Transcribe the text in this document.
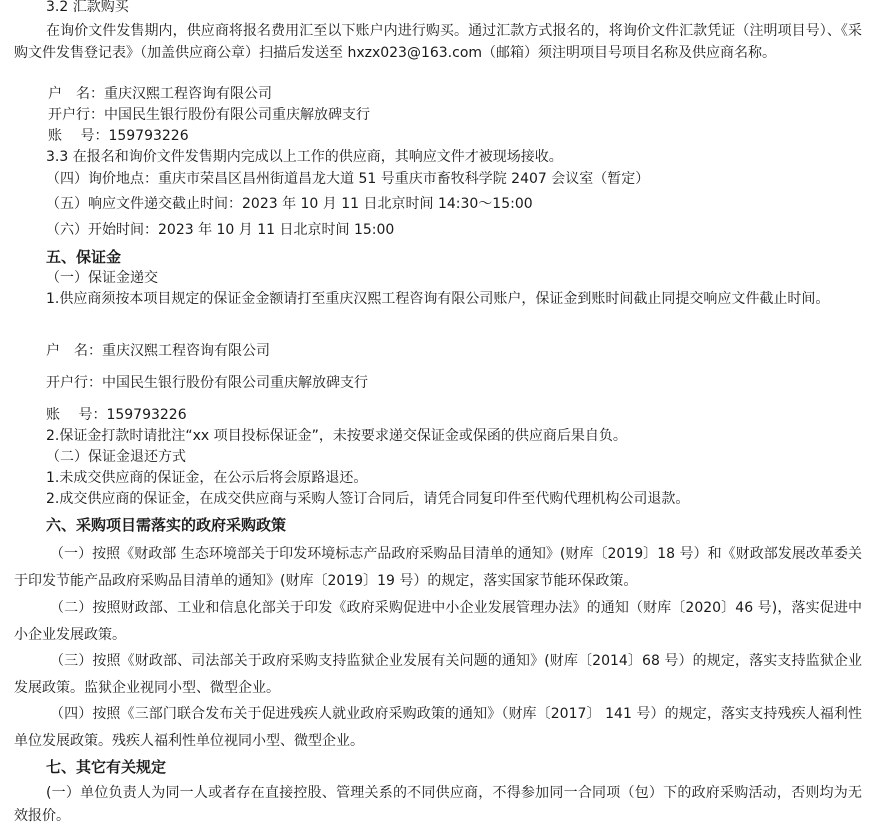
3.2 汇款购买
在询价文件发售期内，供应商将报名费用汇至以下账户内进行购买。通过汇款方式报名的，将询价文件汇款凭证（注明项目号）、《采购文件发售登记表》（加盖供应商公章）扫描后发送至 hxzx023@163.com（邮箱）须注明项目号项目名称及供应商名称。
户　名：重庆汉熙工程咨询有限公司
开户行：中国民生银行股份有限公司重庆解放碑支行
账　 号：159793226
3.3 在报名和询价文件发售期内完成以上工作的供应商，其响应文件才被现场接收。
（四）询价地点：重庆市荣昌区昌州街道昌龙大道 51 号重庆市畜牧科学院 2407 会议室（暂定）
（五）响应文件递交截止时间：2023 年 10 月 11 日北京时间 14:30～15:00
（六）开始时间：2023 年 10 月 11 日北京时间 15:00
五、保证金
（一）保证金递交
1.供应商须按本项目规定的保证金金额请打至重庆汉熙工程咨询有限公司账户，保证金到账时间截止同提交响应文件截止时间。
户　名：重庆汉熙工程咨询有限公司
开户行：中国民生银行股份有限公司重庆解放碑支行
账　 号：159793226
2.保证金打款时请批注“xx 项目投标保证金”，未按要求递交保证金或保函的供应商后果自负。
（二）保证金退还方式
1.未成交供应商的保证金，在公示后将会原路退还。
2.成交供应商的保证金，在成交供应商与采购人签订合同后，请凭合同复印件至代购代理机构公司退款。
六、采购项目需落实的政府采购政策
（一）按照《财政部 生态环境部关于印发环境标志产品政府采购品目清单的通知》(财库〔2019〕18 号）和《财政部发展改革委关于印发节能产品政府采购品目清单的通知》(财库〔2019〕19 号）的规定，落实国家节能环保政策。
（二）按照财政部、工业和信息化部关于印发《政府采购促进中小企业发展管理办法》的通知（财库〔2020〕46 号)，落实促进中小企业发展政策。
（三）按照《财政部、司法部关于政府采购支持监狱企业发展有关问题的通知》(财库〔2014〕68 号）的规定，落实支持监狱企业发展政策。监狱企业视同小型、微型企业。
（四）按照《三部门联合发布关于促进残疾人就业政府采购政策的通知》（财库〔2017〕 141 号）的规定，落实支持残疾人福利性单位发展政策。残疾人福利性单位视同小型、微型企业。
七、其它有关规定
(一）单位负责人为同一人或者存在直接控股、管理关系的不同供应商，不得参加同一合同项（包）下的政府采购活动，否则均为无效报价。
